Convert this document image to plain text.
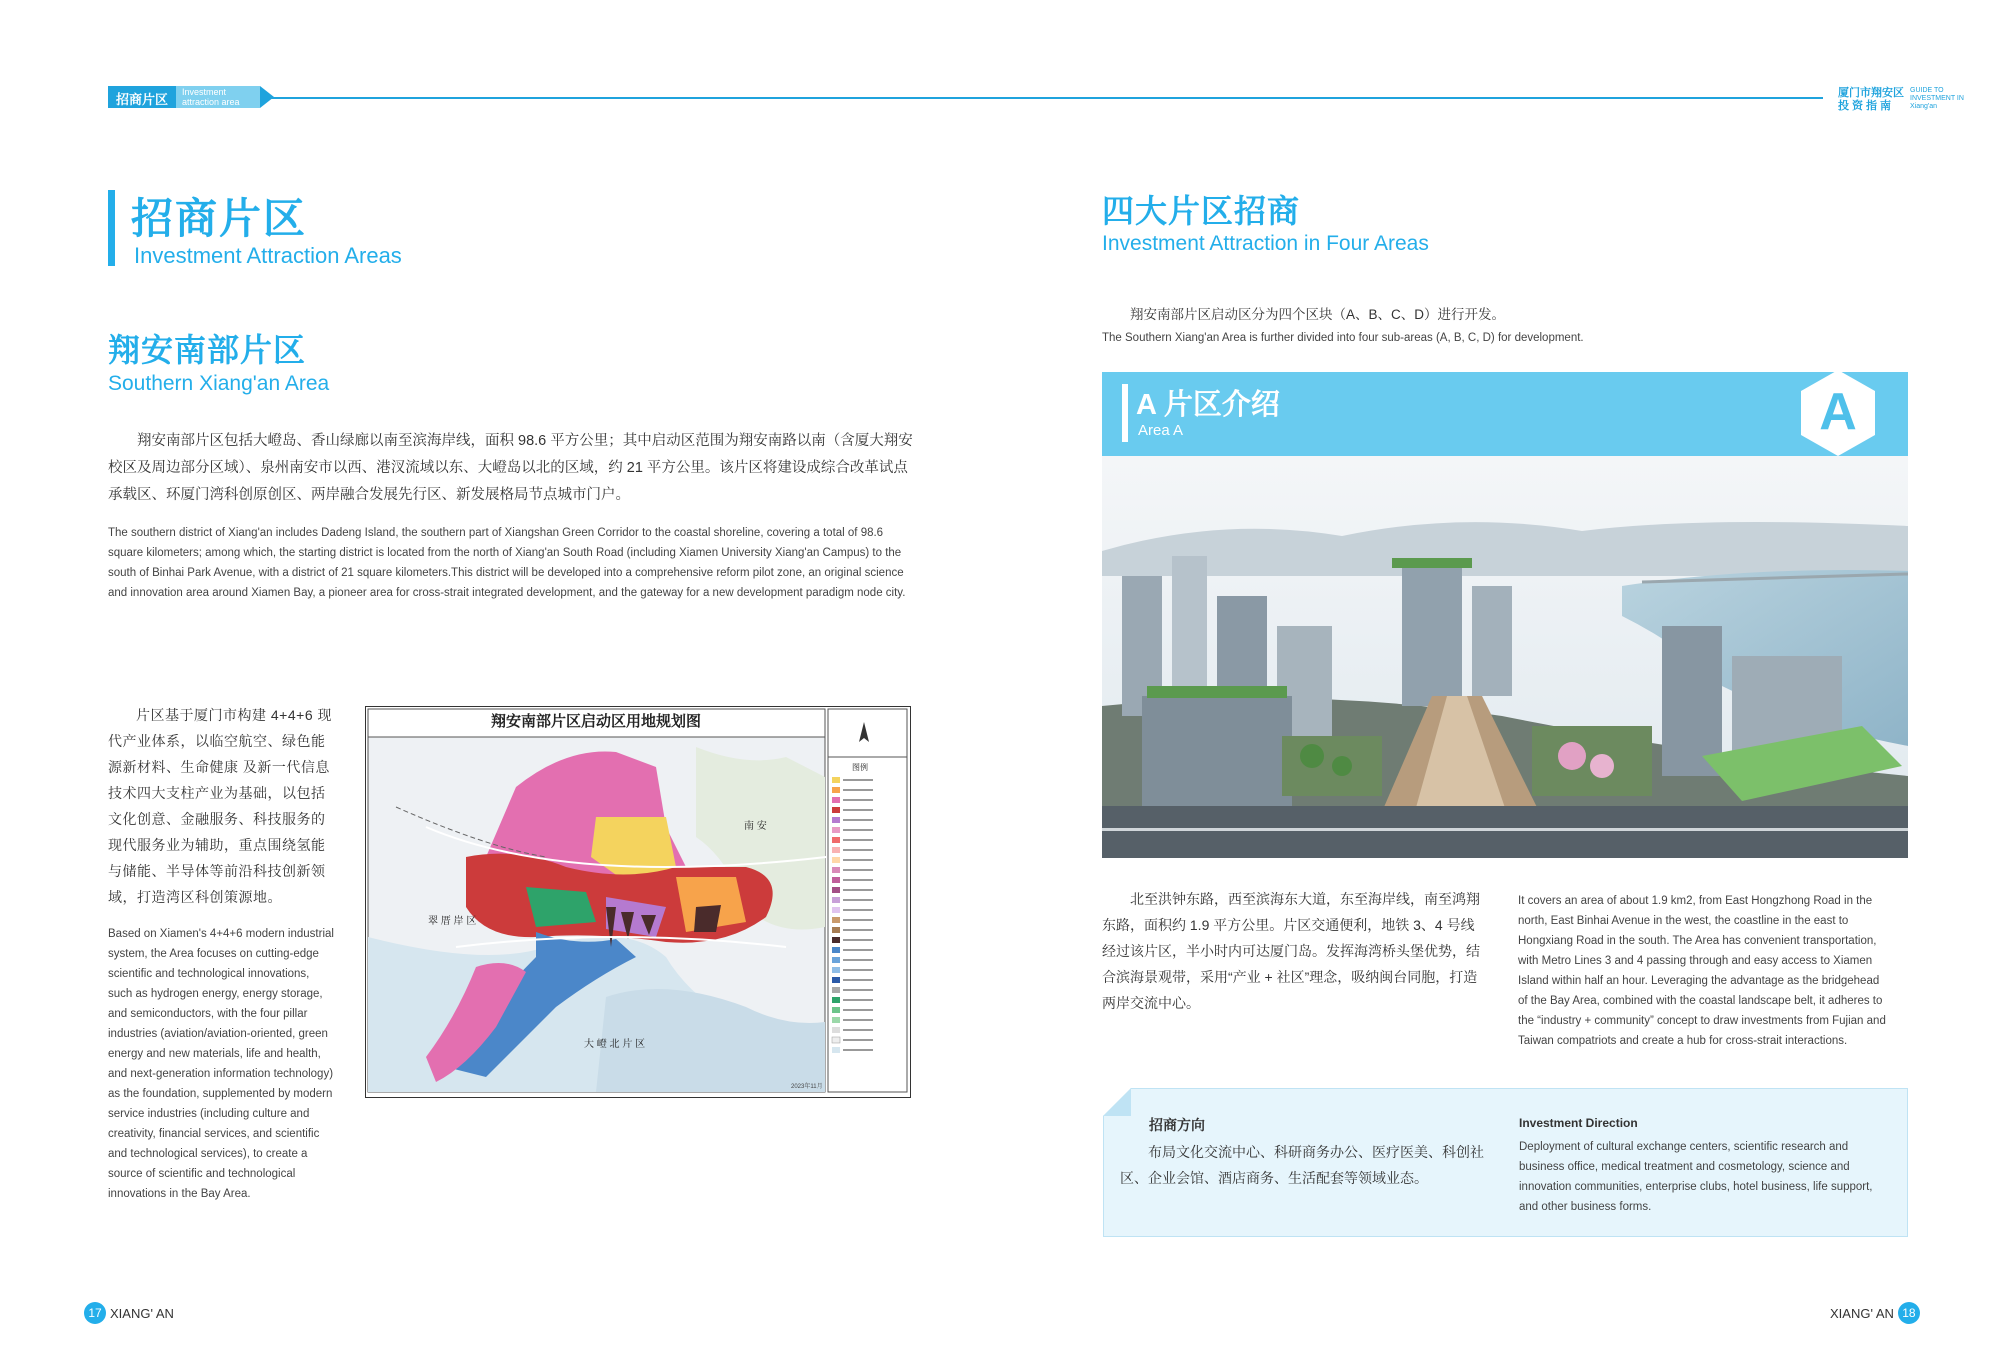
招商片区	Investment attraction area
厦门市翔安区
投资指南
GUIDE TO INVESTMENT IN Xiang'an
招商片区
Investment Attraction Areas
翔安南部片区
Southern Xiang'an Area

翔安南部片区包括大嶝岛、香山绿廊以南至滨海岸线，面积 98.6 平方公里；其中启动区范围为翔安南路以南（含厦大翔安校区及周边部分区域）、泉州南安市以西、港汊流域以东、大嶝岛以北的区域，约 21 平方公里。该片区将建设成综合改革试点承载区、环厦门湾科创原创区、两岸融合发展先行区、新发展格局节点城市门户。

The southern district of Xiang'an includes Dadeng Island, the southern part of Xiangshan Green Corridor to the coastal shoreline, covering a total of 98.6 square kilometers; among which, the starting district is located from the north of Xiang'an South Road (including Xiamen University Xiang'an Campus) to the south of Binhai Park Avenue, with a district of 21 square kilometers.This district will be developed into a comprehensive reform pilot zone, an original science and innovation area around Xiamen Bay, a pioneer area for cross-strait integrated development, and the gateway for a new development paradigm node city.

片区基于厦门市构建 4+4+6 现代产业体系，以临空航空、绿色能源新材料、生命健康 及新一代信息技术四大支柱产业为基础，以包括文化创意、金融服务、科技服务的现代服务业为辅助，重点围绕氢能与储能、半导体等前沿科技创新领域，打造湾区科创策源地。

Based on Xiamen's 4+4+6 modern industrial system, the Area focuses on cutting-edge scientific and technological innovations, such as hydrogen energy, energy storage, and semiconductors, with the four pillar industries (aviation/aviation-oriented, green energy and new materials, life and health, and next-generation information technology) as the foundation, supplemented by modern service industries (including culture and creativity, financial services, and scientific and technological services), to create a source of scientific and technological innovations in the Bay Area.

翔安南部片区启动区用地规划图
南 安
翠 厝 岸 区
大 嶝 北 片 区
图例
2023年11月
四大片区招商
Investment Attraction in Four Areas

翔安南部片区启动区分为四个区块（A、B、C、D）进行开发。

The Southern Xiang'an Area is further divided into four sub-areas (A, B, C, D) for development.

A 片区介绍
Area A	A

北至洪钟东路，西至滨海东大道，东至海岸线，南至鸿翔东路，面积约 1.9 平方公里。片区交通便利，地铁 3、4 号线经过该片区，半小时内可达厦门岛。发挥海湾桥头堡优势，结合滨海景观带，采用“产业 + 社区”理念，吸纳闽台同胞，打造两岸交流中心。

It covers an area of about 1.9 km2, from East Hongzhong Road in the north, East Binhai Avenue in the west, the coastline in the east to Hongxiang Road in the south. The Area has convenient transportation, with Metro Lines 3 and 4 passing through and easy access to Xiamen Island within half an hour. Leveraging the advantage as the bridgehead of the Bay Area, combined with the coastal landscape belt, it adheres to the “industry + community” concept to draw investments from Fujian and Taiwan compatriots and create a hub for cross-strait interactions.

招商方向

布局文化交流中心、科研商务办公、医疗医美、科创社区、企业会馆、酒店商务、生活配套等领域业态。

Investment Direction

Deployment of cultural exchange centers, scientific research and business office, medical treatment and cosmetology, science and innovation communities, enterprise clubs, hotel business, life support, and other business forms.

17 XIANG' AN	XIANG' AN 18
